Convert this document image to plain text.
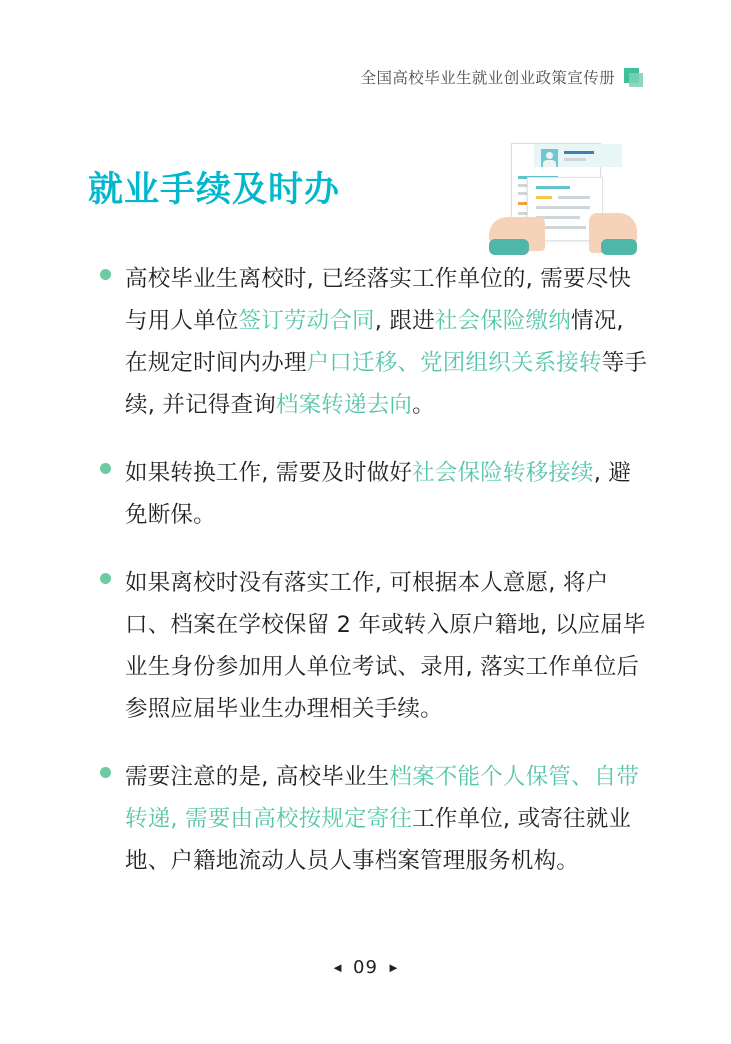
全国高校毕业生就业创业政策宣传册
就业手续及时办
高校毕业生离校时, 已经落实工作单位的, 需要尽快与用人单位签订劳动合同, 跟进社会保险缴纳情况, 在规定时间内办理户口迁移、党团组织关系接转等手续, 并记得查询档案转递去向。
如果转换工作, 需要及时做好社会保险转移接续, 避免断保。
如果离校时没有落实工作, 可根据本人意愿, 将户口、档案在学校保留 2 年或转入原户籍地, 以应届毕业生身份参加用人单位考试、录用, 落实工作单位后参照应届毕业生办理相关手续。
需要注意的是, 高校毕业生档案不能个人保管、自带转递, 需要由高校按规定寄往工作单位, 或寄往就业地、户籍地流动人员人事档案管理服务机构。
◄ 09 ►
